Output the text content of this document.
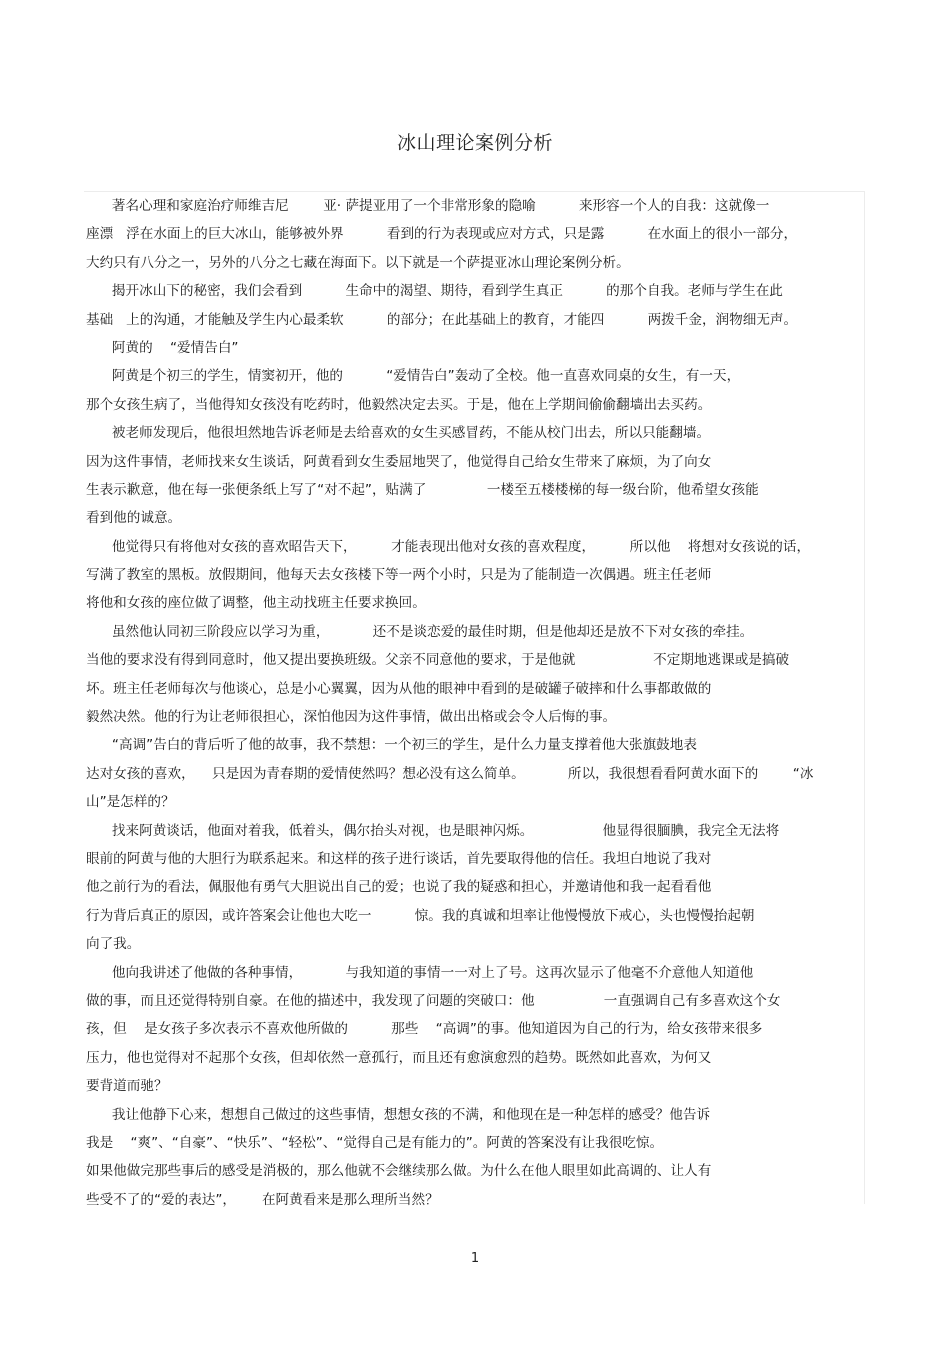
冰山理论案例分析
著名心理和家庭治疗师维吉尼        亚· 萨提亚用了一个非常形象的隐喻          来形容一个人的自我：这就像一
座漂   浮在水面上的巨大冰山，能够被外界          看到的行为表现或应对方式，只是露          在水面上的很小一部分，
大约只有八分之一，另外的八分之七藏在海面下。以下就是一个萨提亚冰山理论案例分析。
揭开冰山下的秘密，我们会看到          生命中的渴望、期待，看到学生真正          的那个自我。老师与学生在此
基础   上的沟通，才能触及学生内心最柔软          的部分；在此基础上的教育，才能四          两拨千金，润物细无声。
阿黄的    “爱情告白”
阿黄是个初三的学生，情窦初开，他的          “爱情告白”轰动了全校。他一直喜欢同桌的女生，有一天，
那个女孩生病了，当他得知女孩没有吃药时，他毅然决定去买。于是，他在上学期间偷偷翻墙出去买药。
被老师发现后，他很坦然地告诉老师是去给喜欢的女生买感冒药，不能从校门出去，所以只能翻墙。
因为这件事情，老师找来女生谈话，阿黄看到女生委屈地哭了，他觉得自己给女生带来了麻烦，为了向女
生表示歉意，他在每一张便条纸上写了“对不起”，贴满了              一楼至五楼楼梯的每一级台阶，他希望女孩能
看到他的诚意。
他觉得只有将他对女孩的喜欢昭告天下，        才能表现出他对女孩的喜欢程度，        所以他    将想对女孩说的话，
写满了教室的黑板。放假期间，他每天去女孩楼下等一两个小时，只是为了能制造一次偶遇。班主任老师
将他和女孩的座位做了调整，他主动找班主任要求换回。
虽然他认同初三阶段应以学习为重，          还不是谈恋爱的最佳时期，但是他却还是放不下对女孩的牵挂。
当他的要求没有得到同意时，他又提出要换班级。父亲不同意他的要求，于是他就                  不定期地逃课或是搞破
坏。班主任老师每次与他谈心，总是小心翼翼，因为从他的眼神中看到的是破罐子破摔和什么事都敢做的
毅然决然。他的行为让老师很担心，深怕他因为这件事情，做出出格或会令人后悔的事。
“高调”告白的背后听了他的故事，我不禁想：一个初三的学生，是什么力量支撑着他大张旗鼓地表
达对女孩的喜欢，    只是因为青春期的爱情使然吗？想必没有这么简单。          所以，我很想看看阿黄水面下的        “冰
山”是怎样的？
找来阿黄谈话，他面对着我，低着头，偶尔抬头对视，也是眼神闪烁。                他显得很腼腆，我完全无法将
眼前的阿黄与他的大胆行为联系起来。和这样的孩子进行谈话，首先要取得他的信任。我坦白地说了我对
他之前行为的看法，佩服他有勇气大胆说出自己的爱；也说了我的疑惑和担心，并邀请他和我一起看看他
行为背后真正的原因，或许答案会让他也大吃一          惊。我的真诚和坦率让他慢慢放下戒心，头也慢慢抬起朝
向了我。
他向我讲述了他做的各种事情，          与我知道的事情一一对上了号。这再次显示了他毫不介意他人知道他
做的事，而且还觉得特别自豪。在他的描述中，我发现了问题的突破口：他                一直强调自己有多喜欢这个女
孩，但    是女孩子多次表示不喜欢他所做的          那些    “高调”的事。他知道因为自己的行为，给女孩带来很多
压力，他也觉得对不起那个女孩，但却依然一意孤行，而且还有愈演愈烈的趋势。既然如此喜欢，为何又
要背道而驰？
我让他静下心来，想想自己做过的这些事情，想想女孩的不满，和他现在是一种怎样的感受？他告诉
我是    “爽”、“自豪”、“快乐”、“轻松”、“觉得自己是有能力的”。阿黄的答案没有让我很吃惊。
如果他做完那些事后的感受是消极的，那么他就不会继续那么做。为什么在他人眼里如此高调的、让人有
些受不了的“爱的表达”，      在阿黄看来是那么理所当然？
1
